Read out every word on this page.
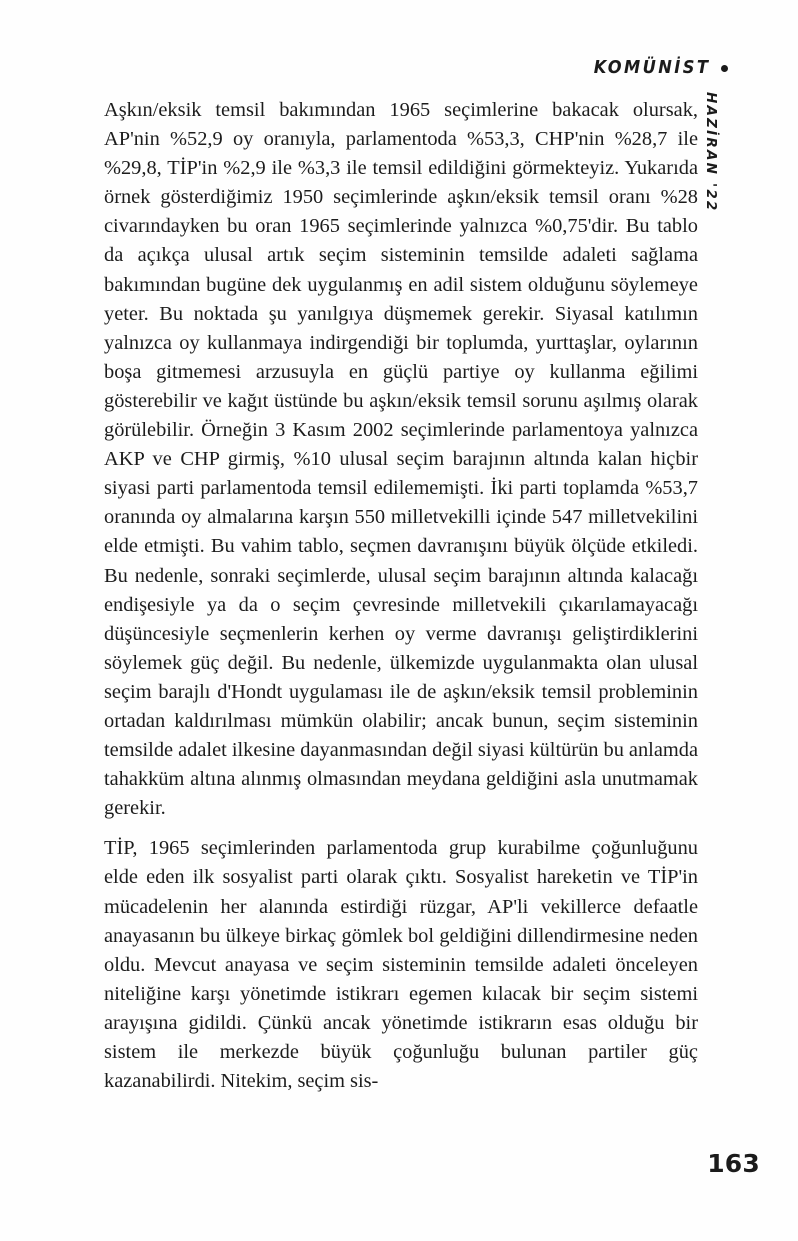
KOMÜNİST
HAZİRAN '22

Aşkın/eksik temsil bakımından 1965 seçimlerine bakacak olursak, AP'nin %52,9 oy oranıyla, parlamentoda %53,3, CHP'nin %28,7 ile %29,8, TİP'in %2,9 ile %3,3 ile temsil edildiğini görmekteyiz. Yukarıda örnek gösterdiğimiz 1950 seçimlerinde aşkın/eksik temsil oranı %28 civarındayken bu oran 1965 seçimlerinde yalnızca %0,75'dir. Bu tablo da açıkça ulusal artık seçim sisteminin temsilde adaleti sağlama bakımından bugüne dek uygulanmış en adil sistem olduğunu söylemeye yeter. Bu noktada şu yanılgıya düşmemek gerekir. Siyasal katılımın yalnızca oy kullanmaya indirgendiği bir toplumda, yurttaşlar, oylarının boşa gitmemesi arzusuyla en güçlü partiye oy kullanma eğilimi gösterebilir ve kağıt üstünde bu aşkın/eksik temsil sorunu aşılmış olarak görülebilir. Örneğin 3 Kasım 2002 seçimlerinde parlamentoya yalnızca AKP ve CHP girmiş, %10 ulusal seçim barajının altında kalan hiçbir siyasi parti parlamentoda temsil edilememişti. İki parti toplamda %53,7 oranında oy almalarına karşın 550 milletvekilli içinde 547 milletvekilini elde etmişti. Bu vahim tablo, seçmen davranışını büyük ölçüde etkiledi. Bu nedenle, sonraki seçimlerde, ulusal seçim barajının altında kalacağı endişesiyle ya da o seçim çevresinde milletvekili çıkarılamayacağı düşüncesiyle seçmenlerin kerhen oy verme davranışı geliştirdiklerini söylemek güç değil. Bu nedenle, ülkemizde uygulanmakta olan ulusal seçim barajlı d'Hondt uygulaması ile de aşkın/eksik temsil probleminin ortadan kaldırılması mümkün olabilir; ancak bunun, seçim sisteminin temsilde adalet ilkesine dayanmasından değil siyasi kültürün bu anlamda tahakküm altına alınmış olmasından meydana geldiğini asla unutmamak gerekir.

TİP, 1965 seçimlerinden parlamentoda grup kurabilme çoğunluğunu elde eden ilk sosyalist parti olarak çıktı. Sosyalist hareketin ve TİP'in mücadelenin her alanında estirdiği rüzgar, AP'li vekillerce defaatle anayasanın bu ülkeye birkaç gömlek bol geldiğini dillendirmesine neden oldu. Mevcut anayasa ve seçim sisteminin temsilde adaleti önceleyen niteliğine karşı yönetimde istikrarı egemen kılacak bir seçim sistemi arayışına gidildi. Çünkü ancak yönetimde istikrarın esas olduğu bir sistem ile merkezde büyük çoğunluğu bulunan partiler güç kazanabilirdi. Nitekim, seçim sis-

163
